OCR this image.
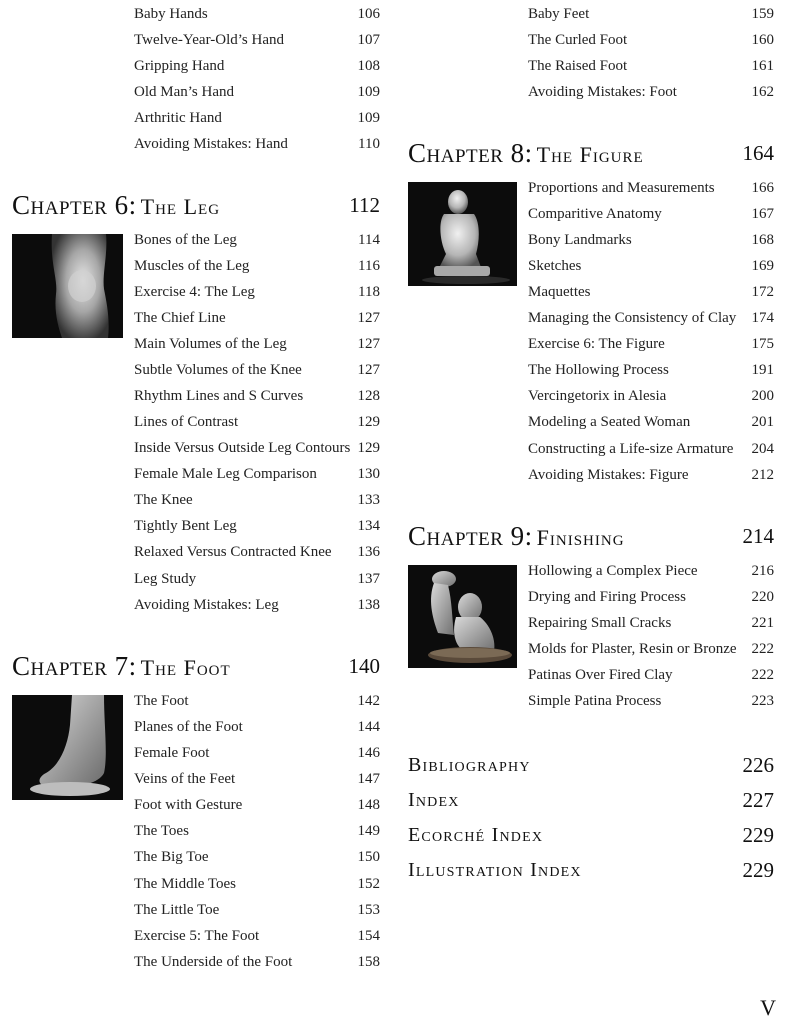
Baby Hands	106
Twelve-Year-Old’s Hand	107
Gripping Hand	108
Old Man’s Hand	109
Arthritic Hand	109
Avoiding Mistakes: Hand	110
Chapter 6: The Leg	112
Bones of the Leg	114
Muscles of the Leg	116
Exercise 4: The Leg	118
The Chief Line	127
Main Volumes of the Leg	127
Subtle Volumes of the Knee	127
Rhythm Lines and S Curves	128
Lines of Contrast	129
Inside Versus Outside Leg Contours 129
Female Male Leg Comparison	130
The Knee	133
Tightly Bent Leg	134
Relaxed Versus Contracted Knee 136
Leg Study	137
Avoiding Mistakes: Leg	138
Chapter 7: The Foot	140
The Foot	142
Planes of the Foot	144
Female Foot	146
Veins of the Feet	147
Foot with Gesture	148
The Toes	149
The Big Toe	150
The Middle Toes	152
The Little Toe	153
Exercise 5: The Foot	154
The Underside of the Foot	158
Baby Feet	159
The Curled Foot	160
The Raised Foot	161
Avoiding Mistakes: Foot	162
Chapter 8: The Figure	164
Proportions and Measurements 166
Comparitive Anatomy	167
Bony Landmarks	168
Sketches	169
Maquettes	172
Managing the Consistency of Clay 174
Exercise 6: The Figure	175
The Hollowing Process	191
Vercingetorix in Alesia	200
Modeling a Seated Woman	201
Constructing a Life-size Armature 204
Avoiding Mistakes: Figure	212
Chapter 9: Finishing	214
Hollowing a Complex Piece	216
Drying and Firing Process	220
Repairing Small Cracks	221
Molds for Plaster, Resin or Bronze 222
Patinas Over Fired Clay	222
Simple Patina Process	223
Bibliography	226
Index	227
Ecorché Index	229
Illustration Index	229
V
